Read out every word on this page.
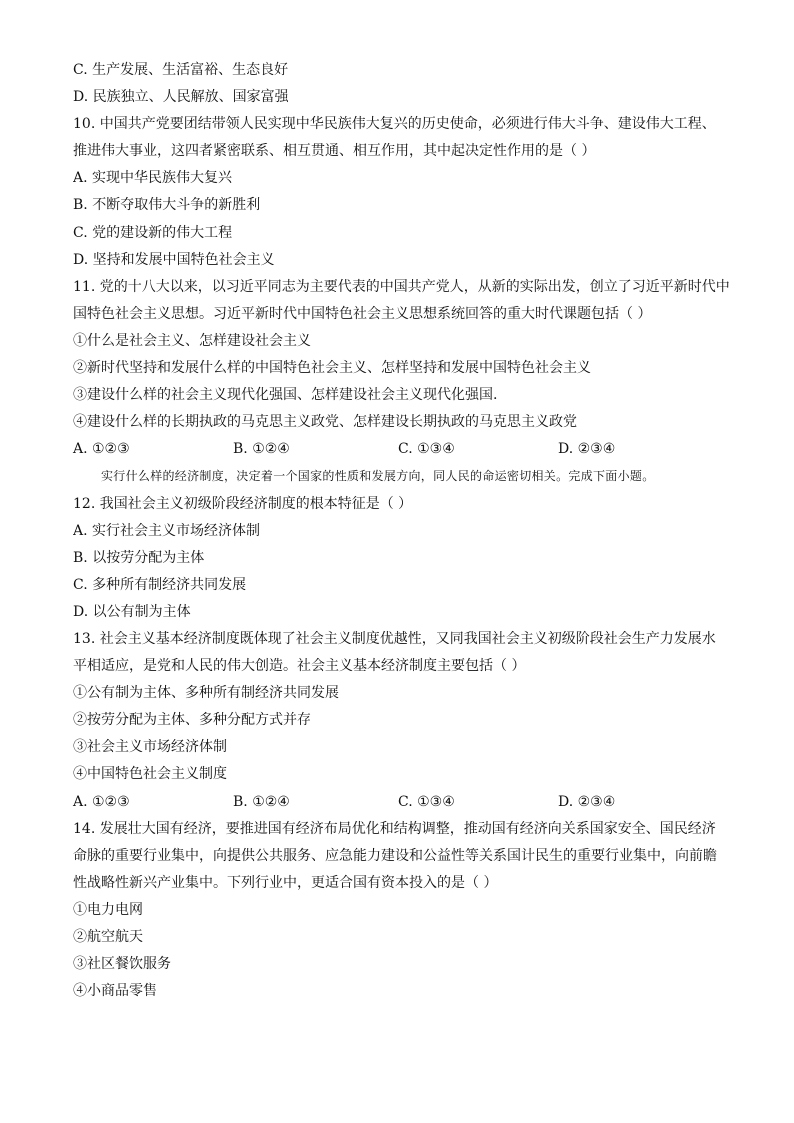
C. 生产发展、生活富裕、生态良好
D. 民族独立、人民解放、国家富强
10. 中国共产党要团结带领人民实现中华民族伟大复兴的历史使命，必须进行伟大斗争、建设伟大工程、
推进伟大事业，这四者紧密联系、相互贯通、相互作用，其中起决定性作用的是（ ）
A. 实现中华民族伟大复兴
B. 不断夺取伟大斗争的新胜利
C. 党的建设新的伟大工程
D. 坚持和发展中国特色社会主义
11. 党的十八大以来，以习近平同志为主要代表的中国共产党人，从新的实际出发，创立了习近平新时代中
国特色社会主义思想。习近平新时代中国特色社会主义思想系统回答的重大时代课题包括（ ）
①什么是社会主义、怎样建设社会主义
②新时代坚持和发展什么样的中国特色社会主义、怎样坚持和发展中国特色社会主义
③建设什么样的社会主义现代化强国、怎样建设社会主义现代化强国.
④建设什么样的长期执政的马克思主义政党、怎样建设长期执政的马克思主义政党
A. ①②③	B. ①②④	C. ①③④	D. ②③④
实行什么样的经济制度，决定着一个国家的性质和发展方向，同人民的命运密切相关。完成下面小题。
12. 我国社会主义初级阶段经济制度的根本特征是（ ）
A. 实行社会主义市场经济体制
B. 以按劳分配为主体
C. 多种所有制经济共同发展
D. 以公有制为主体
13. 社会主义基本经济制度既体现了社会主义制度优越性，又同我国社会主义初级阶段社会生产力发展水
平相适应，是党和人民的伟大创造。社会主义基本经济制度主要包括（ ）
①公有制为主体、多种所有制经济共同发展
②按劳分配为主体、多种分配方式并存
③社会主义市场经济体制
④中国特色社会主义制度
A. ①②③	B. ①②④	C. ①③④	D. ②③④
14. 发展壮大国有经济，要推进国有经济布局优化和结构调整，推动国有经济向关系国家安全、国民经济
命脉的重要行业集中，向提供公共服务、应急能力建设和公益性等关系国计民生的重要行业集中，向前瞻
性战略性新兴产业集中。下列行业中，更适合国有资本投入的是（ ）
①电力电网
②航空航天
③社区餐饮服务
④小商品零售
